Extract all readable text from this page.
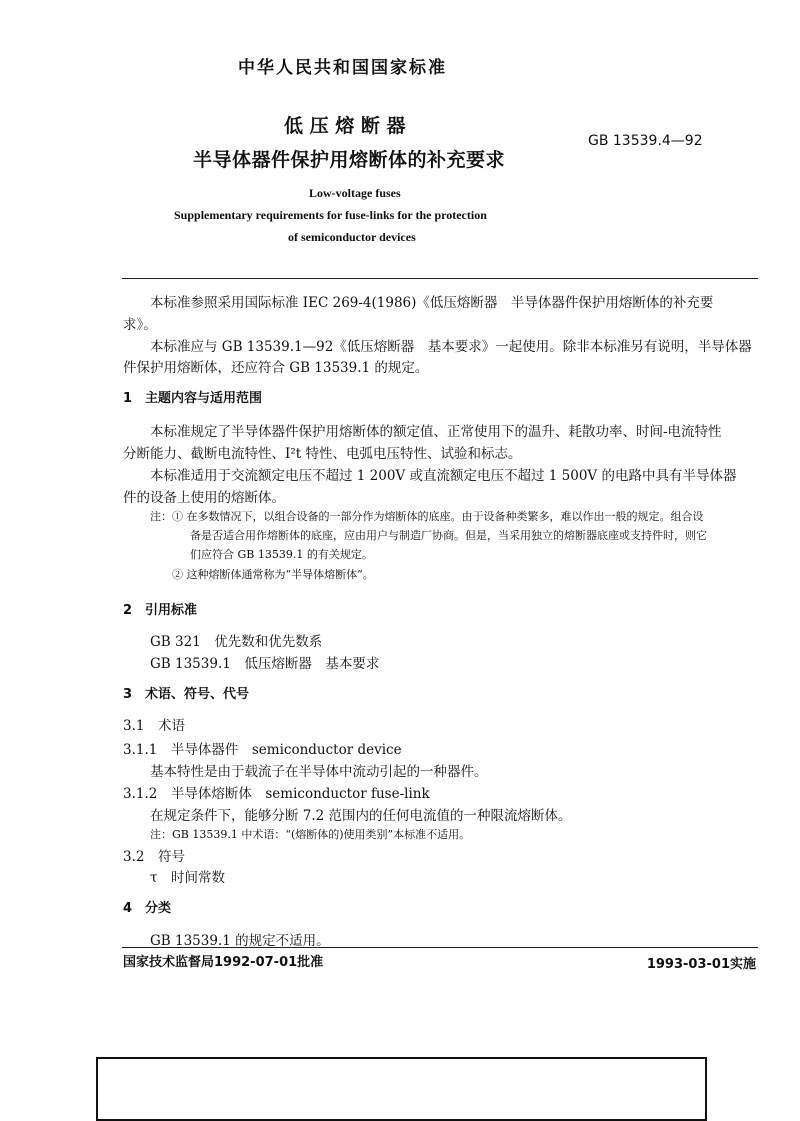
中华人民共和国国家标准
低 压 熔 断 器
半导体器件保护用熔断体的补充要求
GB 13539.4—92
Low-voltage fuses
Supplementary requirements for fuse-links for the protection
of semiconductor devices
本标准参照采用国际标准 IEC 269-4(1986)《低压熔断器　半导体器件保护用熔断体的补充要
求》。
本标准应与 GB 13539.1—92《低压熔断器　基本要求》一起使用。除非本标准另有说明，半导体器
件保护用熔断体，还应符合 GB 13539.1 的规定。
1　主题内容与适用范围
本标准规定了半导体器件保护用熔断体的额定值、正常使用下的温升、耗散功率、时间-电流特性
分断能力、截断电流特性、I²t 特性、电弧电压特性、试验和标志。
本标准适用于交流额定电压不超过 1 200V 或直流额定电压不超过 1 500V 的电路中具有半导体器
件的设备上使用的熔断体。
注：① 在多数情况下，以组合设备的一部分作为熔断体的底座。由于设备种类繁多，难以作出一般的规定。组合设
备是否适合用作熔断体的底座，应由用户与制造厂协商。但是，当采用独立的熔断器底座或支持件时，则它
们应符合 GB 13539.1 的有关规定。
② 这种熔断体通常称为“半导体熔断体”。
2　引用标准
GB 321　优先数和优先数系
GB 13539.1　低压熔断器　基本要求
3　术语、符号、代号
3.1　术语
3.1.1　半导体器件　semiconductor device
基本特性是由于载流子在半导体中流动引起的一种器件。
3.1.2　半导体熔断体　semiconductor fuse-link
在规定条件下，能够分断 7.2 范围内的任何电流值的一种限流熔断体。
注：GB 13539.1 中术语：“(熔断体的)使用类别”本标准不适用。
3.2　符号
τ　时间常数
4　分类
GB 13539.1 的规定不适用。
国家技术监督局1992-07-01批准	1993-03-01实施
